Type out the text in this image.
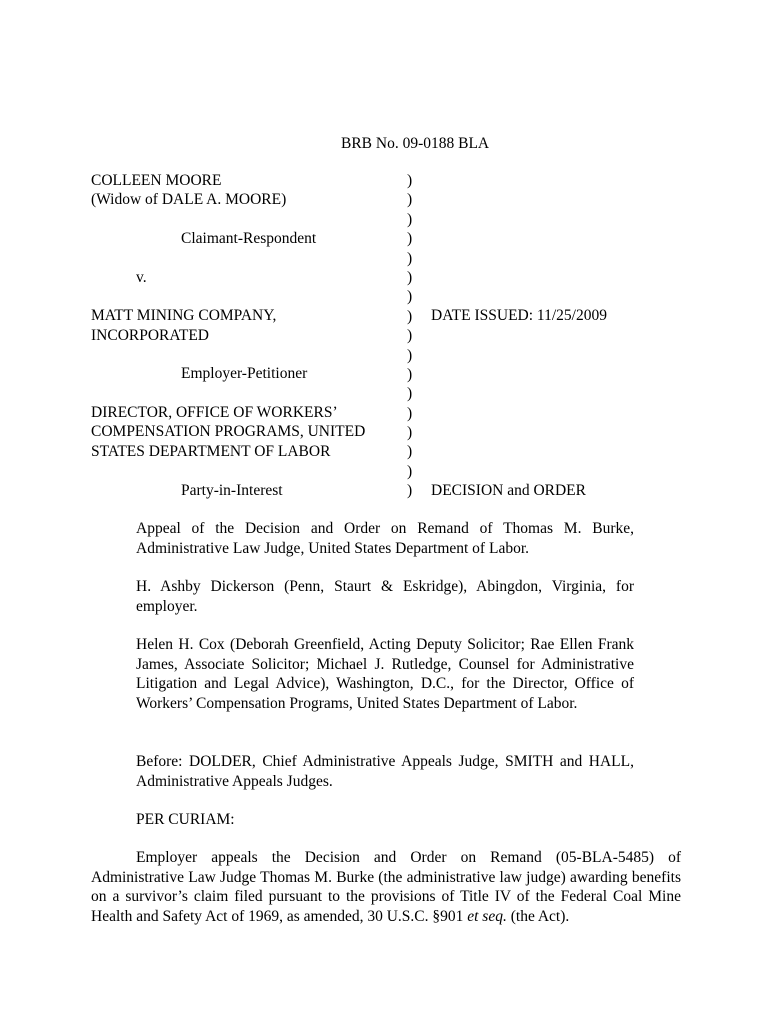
BRB No. 09-0188 BLA
COLLEEN MOORE
(Widow of DALE A. MOORE)
Claimant-Respondent
v.
MATT MINING COMPANY,
INCORPORATED
Employer-Petitioner
DIRECTOR, OFFICE OF WORKERS’
COMPENSATION PROGRAMS, UNITED
STATES DEPARTMENT OF LABOR
Party-in-Interest
)
)
)
)
)
)
)
)
)
)
)
)
)
)
)
)
)
DATE ISSUED: 11/25/2009
DECISION and ORDER
Appeal of the Decision and Order on Remand of Thomas M. Burke, Administrative Law Judge, United States Department of Labor.
H. Ashby Dickerson (Penn, Staurt & Eskridge), Abingdon, Virginia, for employer.
Helen H. Cox (Deborah Greenfield, Acting Deputy Solicitor; Rae Ellen Frank James, Associate Solicitor; Michael J. Rutledge, Counsel for Administrative Litigation and Legal Advice), Washington, D.C., for the Director, Office of Workers’ Compensation Programs, United States Department of Labor.
Before: DOLDER, Chief Administrative Appeals Judge, SMITH and HALL, Administrative Appeals Judges.
PER CURIAM:
Employer appeals the Decision and Order on Remand (05-BLA-5485) of Administrative Law Judge Thomas M. Burke (the administrative law judge) awarding benefits on a survivor’s claim filed pursuant to the provisions of Title IV of the Federal Coal Mine Health and Safety Act of 1969, as amended, 30 U.S.C. §901 et seq. (the Act).
